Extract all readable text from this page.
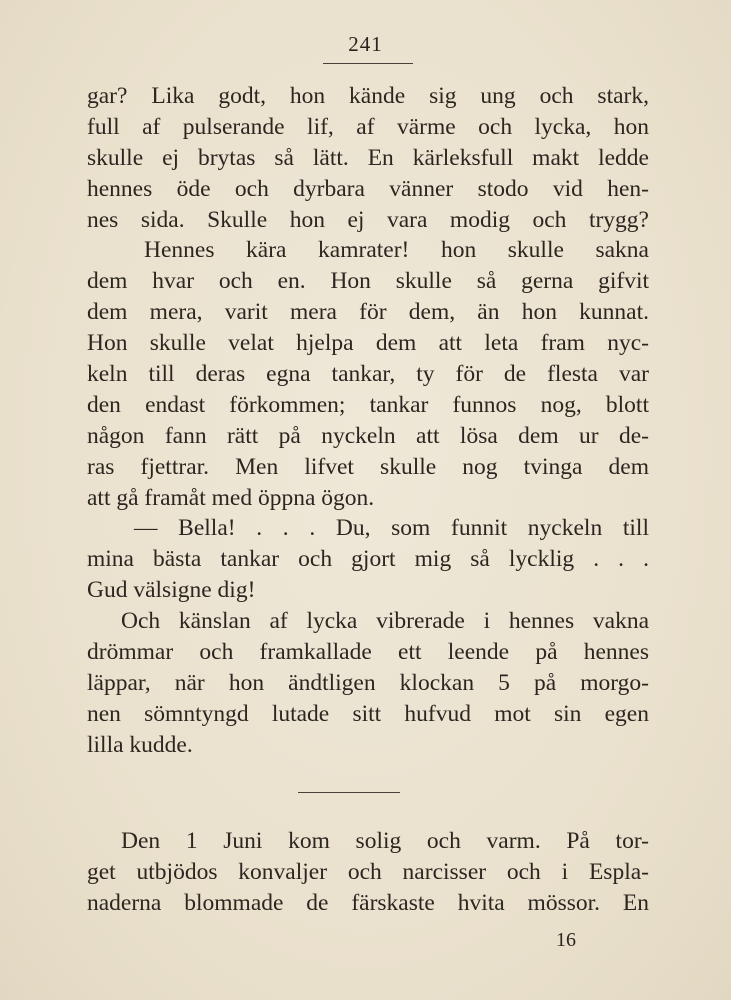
241
gar? Lika godt, hon kände sig ung och stark,
full af pulserande lif, af värme och lycka, hon
skulle ej brytas så lätt. En kärleksfull makt ledde
hennes öde och dyrbara vänner stodo vid hen-
nes sida. Skulle hon ej vara modig och trygg?
Hennes kära kamrater! hon skulle sakna
dem hvar och en. Hon skulle så gerna gifvit
dem mera, varit mera för dem, än hon kunnat.
Hon skulle velat hjelpa dem att leta fram nyc-
keln till deras egna tankar, ty för de flesta var
den endast förkommen; tankar funnos nog, blott
någon fann rätt på nyckeln att lösa dem ur de-
ras fjettrar. Men lifvet skulle nog tvinga dem
att gå framåt med öppna ögon.
— Bella! . . . Du, som funnit nyckeln till
mina bästa tankar och gjort mig så lycklig . . .
Gud välsigne dig!
Och känslan af lycka vibrerade i hennes vakna
drömmar och framkallade ett leende på hennes
läppar, när hon ändtligen klockan 5 på morgo-
nen sömntyngd lutade sitt hufvud mot sin egen
lilla kudde.
Den 1 Juni kom solig och varm. På tor-
get utbjödos konvaljer och narcisser och i Espla-
naderna blommade de färskaste hvita mössor. En
16
